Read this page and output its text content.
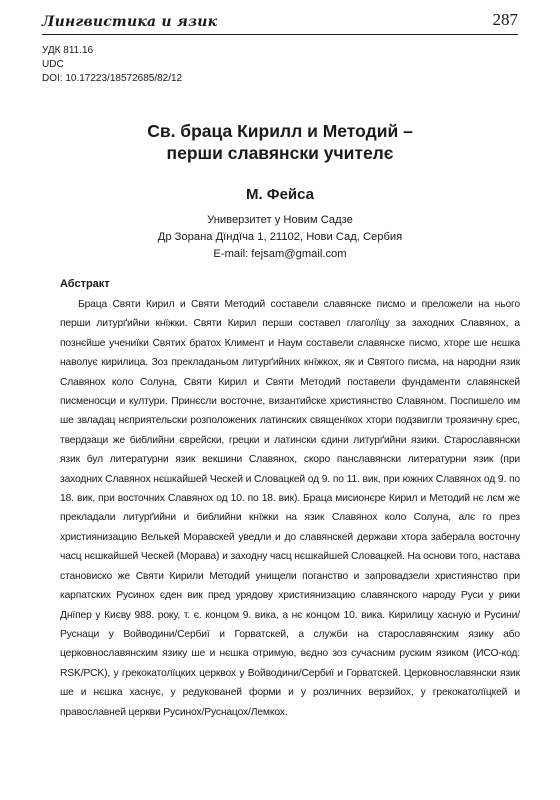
Лингвистика и язик	287
УДК 811.16
UDC
DOI: 10.17223/18572685/82/12
Св. браца Кирилл и Методий –
перши славянски учителє
М. Фейса
Универзитет у Новим Садзе
Др Зорана Дїндїча 1, 21102, Нови Сад, Сербия
E-mail: fejsam@gmail.com
Абстракт
Браца Святи Кирил и Святи Методий составели славянске писмо и преложели на нього перши литурґийни кнїжки. Святи Кирил перши составел глаголїцу за заходних Славянох, а познєйше учениїки Святих братох Климент и Наум составели славянске писмо, хторе ше нєшка наволує кирилица. Зоз прекладаньом литурґийних кнїжкох, як и Святого писма, на народни язик Славянох коло Солуна, Святи Кирил и Святи Методий поставели фундаменти славянскей писменосци и култури. Принєсли восточне, византийске християнство Славяном. Поспишело им ше звладац нєприятельски розположених латинских священїкох хтори подзвигли троязичну єрес, твердзаци же библийни єврейски, грецки и латински єдини литурґийни язики. Старославянски язик бул литературни язик векшини Славянох, скоро панславянски литературни язик (при заходних Славянох нєшкайшей Ческей и Словацкей од 9. по 11. вик, при южних Славянох од 9. по 18. вик, при восточних Славянох од 10. по 18. вик). Браца мисионєре Кирил и Методий нє лєм же прекладали литурґийни и библийни кнїжки на язик Славянох коло Солуна, алє го през християнизацию Велькей Моравскей уведли и до славянскей держави хтора заберала восточну часц нєшкайшей Ческей (Морава) и заходну часц нєшкайшей Словацкей. На основи того, настава становиско же Святи Кирили Методий унищели поганство и запровадзели християнство при карпатских Русинох єден вик пред урядову християнизацию славянского народу Руси у рики Днїпер у Києву 988. року, т. є. концом 9. вика, а нє концом 10. вика. Кирилицу хасную и Русини/Руснаци у Войводини/Сербиї и Горватскей, а служби на старославянским язику або церковнославянским язику ше и нєшка отримую, вєдно зоз сучасним руским язиком (ИСО-код: RSK/PCK), у грекокатолїцких церквох у Войводини/Сербиї и Горватскей. Церковнославянски язик ше и нєшка хаснує, у редукованей форми и у розличних верзийох, у грекокатолїцкей и православней церкви Русинох/Руснацох/Лемкох.
